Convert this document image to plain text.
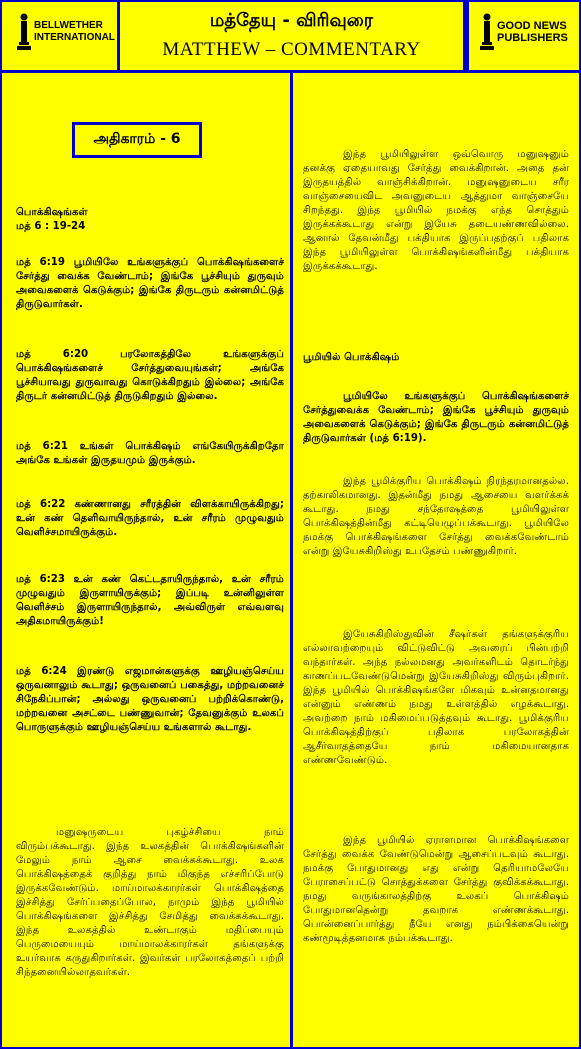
BELLWETHER
INTERNATIONAL
மத்தேயு - விரிவுரை
MATTHEW – COMMENTARY
GOOD NEWS
PUBLISHERS
அதிகாரம் - 6

பொக்கிஷங்கள்

மத் 6 : 19-24

மத் 6:19 பூமியிலே உங்களுக்குப் பொக்கிஷங்களைச் சேர்த்து வைக்க வேண்டாம்; இங்கே பூச்சியும் துருவும் அவைகளைக் கெடுக்கும்; இங்கே திருடரும் கன்னமிட்டுத் திருடுவார்கள்.

மத் 6:20 பரலோகத்திலே உங்களுக்குப் பொக்கிஷங்களைச் சேர்த்துவையுங்கள்; அங்கே பூச்சியாவது துருவாவது கொடுக்கிறதும் இல்லை; அங்கே திருடர் கன்னமிட்டுத் திருடுகிறதும் இல்லை.

மத் 6:21 உங்கள் பொக்கிஷம் எங்கேயிருக்கிறதோ அங்கே உங்கள் இருதயமும் இருக்கும்.

மத் 6:22 கண்ணானது சரீரத்தின் விளக்காயிருக்கிறது; உன் கண் தெளிவாயிருந்தால், உன் சரீரம் முழுவதும் வெளிச்சமாயிருக்கும்.

மத் 6:23 உன் கண் கெட்டதாயிருந்தால், உன் சரீரம் முழுவதும் இருளாயிருக்கும்; இப்படி உன்னிலுள்ள வெளிச்சம் இருளாயிருந்தால், அவ்விருள் எவ்வளவு அதிகமாயிருக்கும்!

மத் 6:24 இரண்டு எஜமான்களுக்கு ஊழியஞ்செய்ய ஒருவனாலும் கூடாது; ஒருவனைப் பகைத்து, மற்றவனைச் சிநேகிப்பான்; அல்லது ஒருவனைப் பற்றிக்கொண்டு, மற்றவனை அசட்டை பண்ணுவான்; தேவனுக்கும் உலகப் பொருளுக்கும் ஊழியஞ்செய்ய உங்களால் கூடாது.

மனுஷருடைய புகழ்ச்சியை நாம் விரும்பக்கூடாது. இந்த உலகத்தின் பொக்கிஷங்களின் மேலும் நாம் ஆசை வைக்கக்கூடாது. உலக பொக்கிஷத்தைக் குறித்து நாம் மிகுந்த எச்சரிப்போடு இருக்கவேண்டும். மாய்மாலக்காரர்கள் பொக்கிஷத்தை இச்சித்து சேர்ப்பதைப்போல, நாமும் இந்த பூமியில் பொக்கிஷங்களை இச்சித்து சேமித்து வைக்கக்கூடாது. இந்த உலகத்தில் உண்டாகும் மதிப்பையும் பெருமையையும் மாய்மாலக்காரர்கள் தங்களுக்கு உயர்வாக கருதுகிறார்கள். இவர்கள் பரலோகத்தைப் பற்றி சிந்தனையில்லாதவர்கள்.

இந்த பூமியிலுள்ள ஒவ்வொரு மனுஷனும் தனக்கு ஏதையாவது சேர்த்து வைக்கிறான். அதை தன் இருதயத்தில் வாஞ்சிக்கிறான். மனுஷனுடைய சரீர வாஞ்சையைவிட அவனுடைய ஆத்துமா வாஞ்சையே சிறந்தது. இந்த பூமியில் நமக்கு எந்த சொத்தும் இருக்கக்கூடாது என்று இயேசு தடையண்ணவில்லை. ஆனால் தேவன்மீது பக்தியாக இருப்பதற்குப் பதிலாக இந்த பூமியிலுள்ள பொக்கிஷங்களின்மீது பக்தியாக இருக்கக்கூடாது.

பூமியில் பொக்கிஷம்

பூமியிலே உங்களுக்குப் பொக்கிஷங்களைச் சேர்த்துவைக்க வேண்டாம்; இங்கே பூச்சியும் துருவும் அவைகளைக் கெடுக்கும்; இங்கே திருடரும் கன்னமிட்டுத் திருடுவார்கள் (மத் 6:19).

இந்த பூமிக்குரிய பொக்கிஷம் நிரந்தரமானதல்ல. தற்காலிகமானது. இதன்மீது நமது ஆசையை வளர்க்கக் கூடாது. நமது சந்தோஷத்தை பூமியிலுள்ள பொக்கிஷத்தின்மீது கட்டியெழுப்பக்கூடாது. பூமியிலே நமக்கு பொக்கிஷங்களை சேர்த்து வைக்கவேண்டாம் என்று இயேசுகிறிஸ்து உபதேசம் பண்ணுகிறார்.

இயேசுகிறிஸ்துவின் சீஷர்கள் தங்களுக்குரிய எல்லாவற்றையும் விட்டுவிட்டு அவரைப் பின்பற்றி வந்தார்கள். அந்த நல்லமனது அவர்களிடம் தொடர்ந்து காணப்படவேண்டுமென்று இயேசுகிறிஸ்து விரும்புகிறார். இந்த பூமியில் பொக்கிஷங்களே மிகவும் உன்னதமானது என்னும் எண்ணம் நமது உள்ளத்தில் எழக்கூடாது. அவற்றை நாம் மகிமைப்படுத்தவும் கூடாது. பூமிக்குரிய பொக்கிஷத்திற்குப் பதிலாக பரலோகத்தின் ஆசீர்வாதத்தையே நாம் மகிமையானதாக எண்ணவேண்டும்.

இந்த பூமியில் ஏராளமான பொக்கிஷங்களை சேர்த்து வைக்க வேண்டுமென்று ஆசைப்படவும் கூடாது. நமக்கு போதுமானது எது என்று தெரியாமலேயே பேராசைப்பட்டு சொத்துக்களை சேர்த்து குவிக்கக்கூடாது. நமது வருங்காலத்திற்கு உலகப் பொக்கிஷம் போதுமானதென்று தவறாக எண்ணக்கூடாது. பொன்னைப்பார்த்து நீயே எனது நம்பிக்கையென்று கண்மூடித்தனமாக நம்பக்கூடாது.
